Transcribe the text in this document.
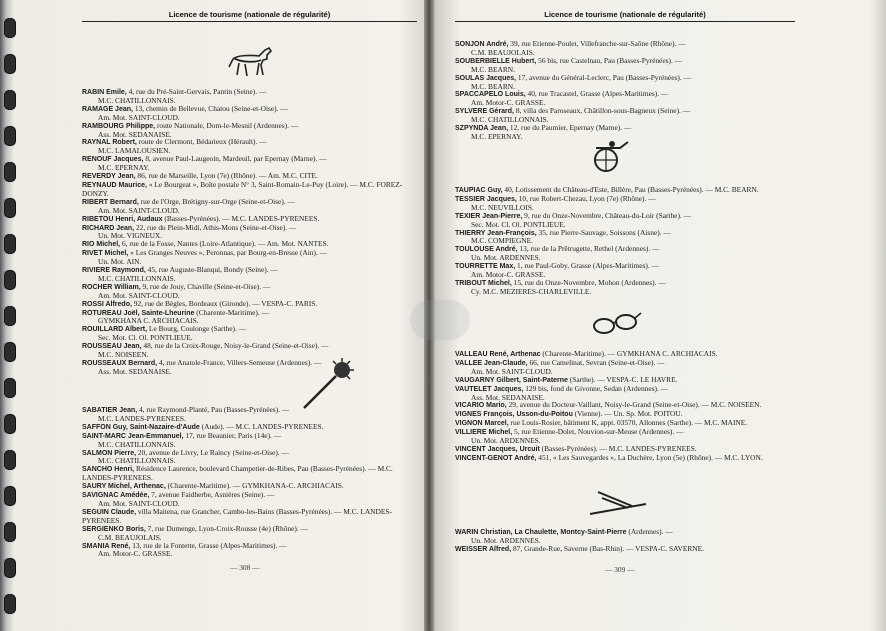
Licence de tourisme (nationale de régularité)
RABIN Emile, 4, rue du Pré-Saint-Gervais, Pantin (Seine). —
M.C. CHATILLONNAIS.
RAMAGE Jean, 13, chemin de Bellevue, Chatou (Seine-et-Oise). —
Am. Mot. SAINT-CLOUD.
RAMBOURG Philippe, route Nationale, Dom-le-Mesnil (Ardennes). —
Ass. Mot. SEDANAISE.
RAYNAL Robert, route de Clermont, Bédarieux (Hérault). —
M.C. LAMALOUSIEN.
RENOUF Jacques, 8, avenue Paul-Laugeoin, Mardeuil, par Epernay (Marne). —
M.C. EPERNAY.
REVERDY Jean, 86, rue de Marseille, Lyon (7e) (Rhône). — Am. M.C. CITE.
REYNAUD Maurice, « Le Bourgeat », Boîte postale N° 3, Saint-Romain-Le-Puy (Loire). — M.C. FOREZ-DONZY.
RIBERT Bernard, rue de l'Orge, Brétigny-sur-Orge (Seine-et-Oise). —
Am. Mot. SAINT-CLOUD.
RIBETOU Henri, Audaux (Basses-Pyrénées). — M.C. LANDES-PYRENEES.
RICHARD Jean, 22, rue du Plein-Midi, Athis-Mons (Seine-et-Oise). —
Un. Mot. VIGNEUX.
RIO Michel, 6, rue de la Fosse, Nantes (Loire-Atlantique). — Am. Mot. NANTES.
RIVET Michel, « Les Granges Neuves », Peronnas, par Bourg-en-Bresse (Ain). —
Un. Mot. AIN.
RIVIERE Raymond, 45, rue Auguste-Blanqui, Bondy (Seine). —
M.C. CHATILLONNAIS.
ROCHER William, 9, rue de Jouy, Chaville (Seine-et-Oise). —
Am. Mot. SAINT-CLOUD.
ROSSI Alfredo, 92, rue de Bègles, Bordeaux (Gironde). — VESPA-C. PARIS.
ROTUREAU Joël, Sainte-Lheurine (Charente-Maritime). —
GYMKHANA C. ARCHIACAIS.
ROUILLARD Albert, Le Bourg, Coulonge (Sarthe). —
Sec. Mot. Cl. Ol. PONTLIEUE.
ROUSSEAU Jean, 48, rue de la Croix-Rouge, Noisy-le-Grand (Seine-et-Oise). —
M.C. NOISEEN.
ROUSSEAUX Bernard, 4, rue Anatole-France, Villers-Semeuse (Ardennes). —
Ass. Mot. SEDANAISE.
SABATIER Jean, 4, rue Raymond-Planté, Pau (Basses-Pyrénées). —
M.C. LANDES-PYRENEES.
SAFFON Guy, Saint-Nazaire-d'Aude (Aude). — M.C. LANDES-PYRENEES.
SAINT-MARC Jean-Emmanuel, 17, rue Beaunier, Paris (14e). —
M.C. CHATILLONNAIS.
SALMON Pierre, 20, avenue de Livry, Le Raincy (Seine-et-Oise). —
M.C. CHATILLONNAIS.
SANCHO Henri, Résidence Laurence, boulevard Champetier-de-Ribes, Pau (Basses-Pyrénées). — M.C. LANDES-PYRENEES.
SAURY Michel, Arthenac, (Charente-Maritime). — GYMKHANA-C. ARCHIACAIS.
SAVIGNAC Amédée, 7, avenue Faidherbe, Asnières (Seine). —
Am. Mot. SAINT-CLOUD.
SEGUIN Claude, villa Maitena, rue Grancher, Cambo-les-Bains (Basses-Pyrénées). — M.C. LANDES-PYRENEES.
SERGIENKO Boris, 7, rue Dumenge, Lyon-Croix-Rousse (4e) (Rhône). —
C.M. BEAUJOLAIS.
SMANIA René, 13, rue de la Fontette, Grasse (Alpes-Maritimes). —
Am. Motor-C. GRASSE.
— 308 —
Licence de tourisme (nationale de régularité)
SONJON André, 39, rue Etienne-Poulet, Villefranche-sur-Saône (Rhône). —
C.M. BEAUJOLAIS.
SOUBERBIELLE Hubert, 56 bis, rue Castelnau, Pau (Basses-Pyrénées). —
M.C. BEARN.
SOULAS Jacques, 17, avenue du Général-Leclerc, Pau (Basses-Pyrénées). —
M.C. BEARN.
SPACCAPELO Louis, 40, rue Tracastel, Grasse (Alpes-Maritimes). —
Am. Motor-C. GRASSE.
SYLVERE Gérard, 8, villa des Paroseaux, Châtillon-sous-Bagneux (Seine). —
M.C. CHATILLONNAIS.
SZPYNDA Jean, 12, rue du Paumier, Epernay (Marne). —
M.C. EPERNAY.
TAUPIAC Guy, 40, Lotissement du Château-d'Este, Billère, Pau (Basses-Pyrénées). — M.C. BEARN.
TESSIER Jacques, 10, rue Robert-Chezau, Lyon (7e) (Rhône). —
M.C. NEUVILLOIS.
TEXIER Jean-Pierre, 9, rue du Onze-Novembre, Château-du-Loir (Sarthe). —
Sec. Mot. Cl. Ol. PONTLIEUE.
THIERRY Jean-François, 35, rue Pierre-Sauvage, Soissons (Aisne). —
M.C. COMPIEGNE.
TOULOUSE André, 13, rue de la Prêtrugette, Rethel (Ardennes). —
Un. Mot. ARDENNES.
TOURRETTE Max, 1, rue Paul-Goby, Grasse (Alpes-Maritimes). —
Am. Motor-C. GRASSE.
TRIBOUT Michel, 15, rue du Onze-Novembre, Mohon (Ardennes). —
Cy. M.C. MEZIERES-CHARLEVILLE.
VALLEAU René, Arthenac (Charente-Maritime). — GYMKHANA C. ARCHIACAIS.
VALLEE Jean-Claude, 66, rue Camelinat, Sevran (Seine-et-Oise). —
Am. Mot. SAINT-CLOUD.
VAUGARNY Gilbert, Saint-Paterne (Sarthe). — VESPA-C. LE HAVRE.
VAUTELET Jacques, 129 bis, fond de Givonne, Sedan (Ardennes). —
Ass. Mot. SEDANAISE.
VICARIO Mario, 29, avenue du Docteur-Vaillant, Noisy-le-Grand (Seine-et-Oise). — M.C. NOISEEN.
VIGNES François, Usson-du-Poitou (Vienne). — Un. Sp. Mot. POITOU.
VIGNON Marcel, rue Louis-Rosier, bâtiment K, appt. 03570, Allonnes (Sarthe). — M.C. MAINE.
VILLIERE Michel, 5, rue Etienne-Dolet, Nouvion-sur-Meuse (Ardennes). —
Un. Mot. ARDENNES.
VINCENT Jacques, Urcuit (Basses-Pyrénées). — M.C. LANDES-PYRENEES.
VINCENT-GENOT André, 451, « Les Sauvegardes », La Duchère, Lyon (5e) (Rhône). — M.C. LYON.
WARIN Christian, La Chaulette, Montcy-Saint-Pierre (Ardennes). —
Un. Mot. ARDENNES.
WEISSER Alfred, 87, Grande-Rue, Saverne (Bas-Rhin). — VESPA-C. SAVERNE.
— 309 —
